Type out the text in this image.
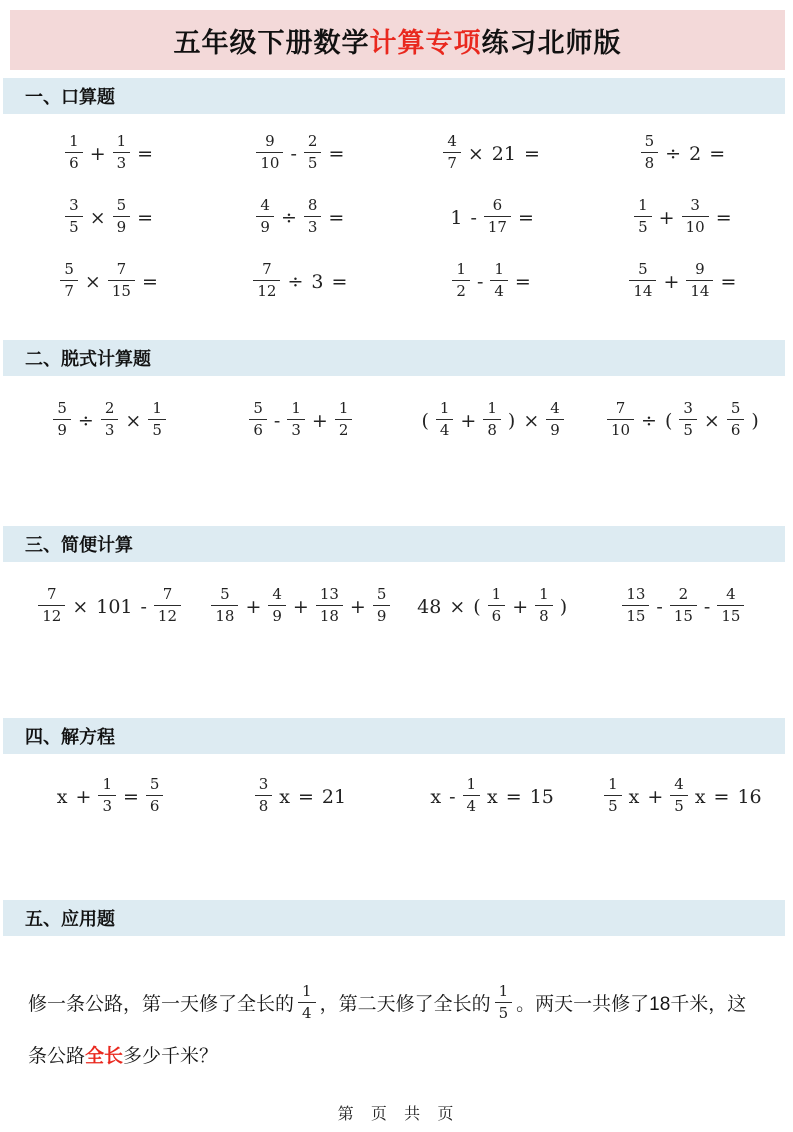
五年级下册数学计算专项练习北师版
一、口算题
$\frac{1}{6} + \frac{1}{3}$ =	$\frac{9}{10} - \frac{2}{5}$ =	$\frac{4}{7} \times 21$ =	$\frac{5}{8} \div 2$ =
$\frac{3}{5} \times \frac{5}{9}$ =	$\frac{4}{9} \div \frac{8}{3}$ =	$1 - \frac{6}{17}$ =	$\frac{1}{5} + \frac{3}{10}$ =
$\frac{5}{7} \times \frac{7}{15}$ =	$\frac{7}{12} \div 3$ =	$\frac{1}{2} - \frac{1}{4}$ =	$\frac{5}{14} + \frac{9}{14}$ =
二、脱式计算题
$\frac{5}{9} \div \frac{2}{3} \times \frac{1}{5}$	$\frac{5}{6} - \frac{1}{3} + \frac{1}{2}$	( $\frac{1}{4} + \frac{1}{8}$ ) × $\frac{4}{9}$	$\frac{7}{10}$ ÷ ( $\frac{3}{5} \times \frac{5}{6}$ )
三、简便计算
$\frac{7}{12} \times 101 - \frac{7}{12} \frac{5}{18} + \frac{4}{9} + \frac{13}{18} + \frac{5}{9} 48$ × ( $\frac{1}{6} + \frac{1}{8}$ )	$\frac{13}{15} - \frac{2}{15} - \frac{4}{15}$
四、解方程
$x + \frac{1}{3} = \frac{5}{6}$	$\frac{3}{8}$ x = 21	x - $\frac{1}{4}$ x = 15	$\frac{1}{5}$ $x + \frac{4}{5}$ x = 16
五、应用题

修一条公路，第一天修了全长的 $\frac{1}{4}$ ，第二天修了全长的 $\frac{1}{5}$ 。两天一共修了18千米，这条公路全长多少千米？

第 页 共 页
